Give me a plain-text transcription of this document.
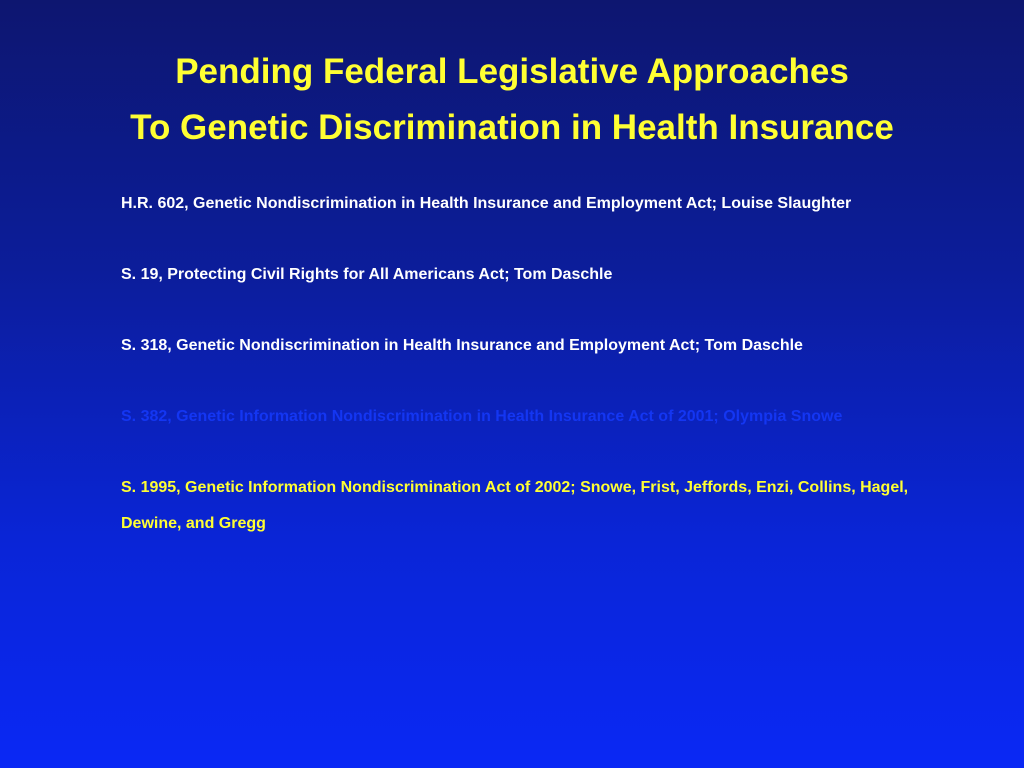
Pending Federal Legislative Approaches
To Genetic Discrimination in Health Insurance
H.R. 602, Genetic Nondiscrimination in Health Insurance and Employment Act; Louise Slaughter
S. 19, Protecting Civil Rights for All Americans Act; Tom Daschle
S. 318, Genetic Nondiscrimination in Health Insurance and Employment Act; Tom Daschle
S. 382, Genetic Information Nondiscrimination in Health Insurance Act of 2001; Olympia Snowe
S. 1995, Genetic Information Nondiscrimination Act of 2002; Snowe, Frist, Jeffords, Enzi, Collins, Hagel, Dewine, and Gregg
